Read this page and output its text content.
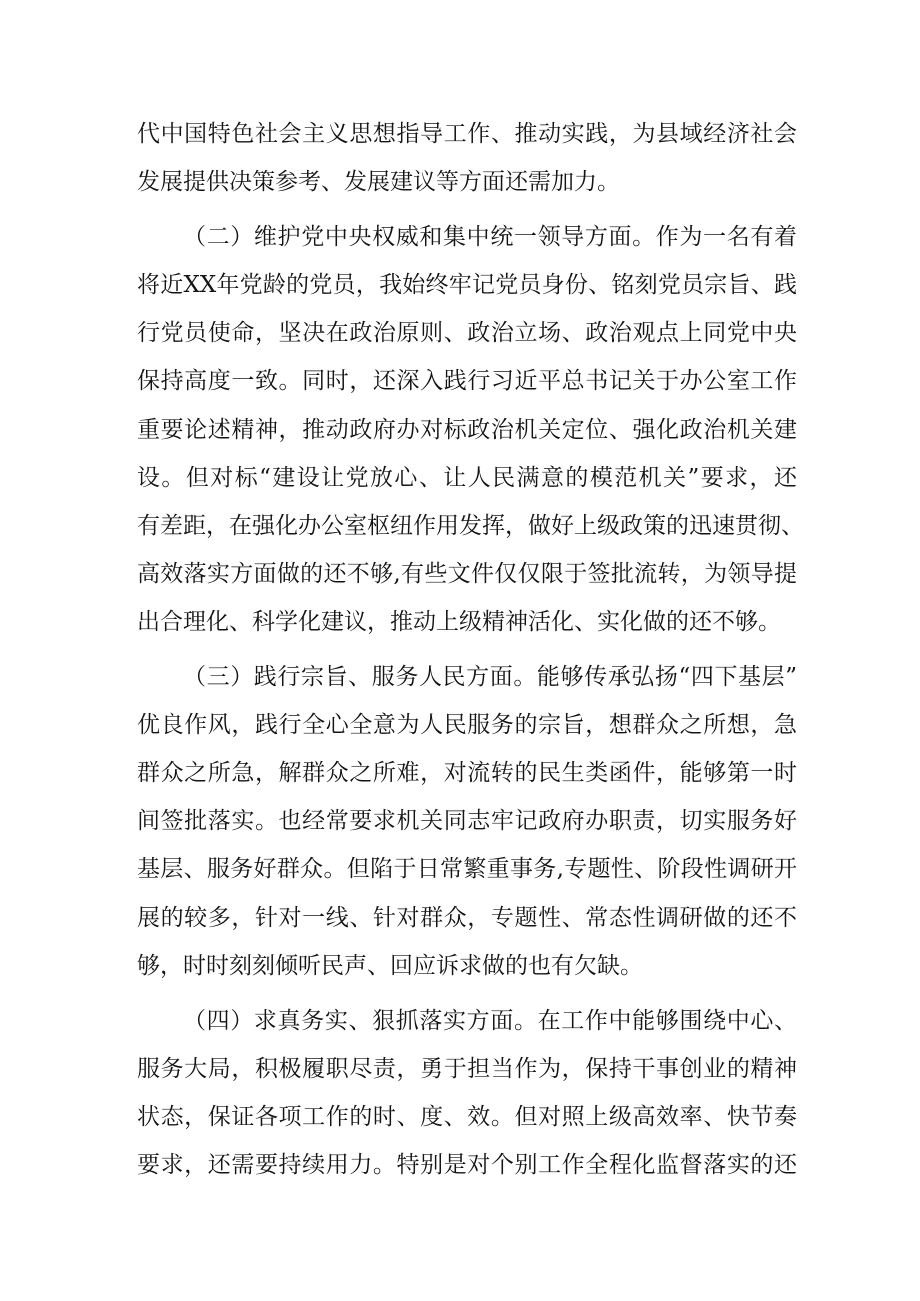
代中国特色社会主义思想指导工作、推动实践，为县域经济社会
发展提供决策参考、发展建议等方面还需加力。
（二）维护党中央权威和集中统一领导方面。作为一名有着
将近XX年党龄的党员，我始终牢记党员身份、铭刻党员宗旨、践
行党员使命，坚决在政治原则、政治立场、政治观点上同党中央
保持高度一致。同时，还深入践行习近平总书记关于办公室工作
重要论述精神，推动政府办对标政治机关定位、强化政治机关建
设。但对标“建设让党放心、让人民满意的模范机关”要求，还
有差距，在强化办公室枢纽作用发挥，做好上级政策的迅速贯彻、
高效落实方面做的还不够,有些文件仅仅限于签批流转，为领导提
出合理化、科学化建议，推动上级精神活化、实化做的还不够。
（三）践行宗旨、服务人民方面。能够传承弘扬“四下基层”
优良作风，践行全心全意为人民服务的宗旨，想群众之所想，急
群众之所急，解群众之所难，对流转的民生类函件，能够第一时
间签批落实。也经常要求机关同志牢记政府办职责，切实服务好
基层、服务好群众。但陷于日常繁重事务,专题性、阶段性调研开
展的较多，针对一线、针对群众，专题性、常态性调研做的还不
够，时时刻刻倾听民声、回应诉求做的也有欠缺。
（四）求真务实、狠抓落实方面。在工作中能够围绕中心、
服务大局，积极履职尽责，勇于担当作为，保持干事创业的精神
状态，保证各项工作的时、度、效。但对照上级高效率、快节奏
要求，还需要持续用力。特别是对个别工作全程化监督落实的还
